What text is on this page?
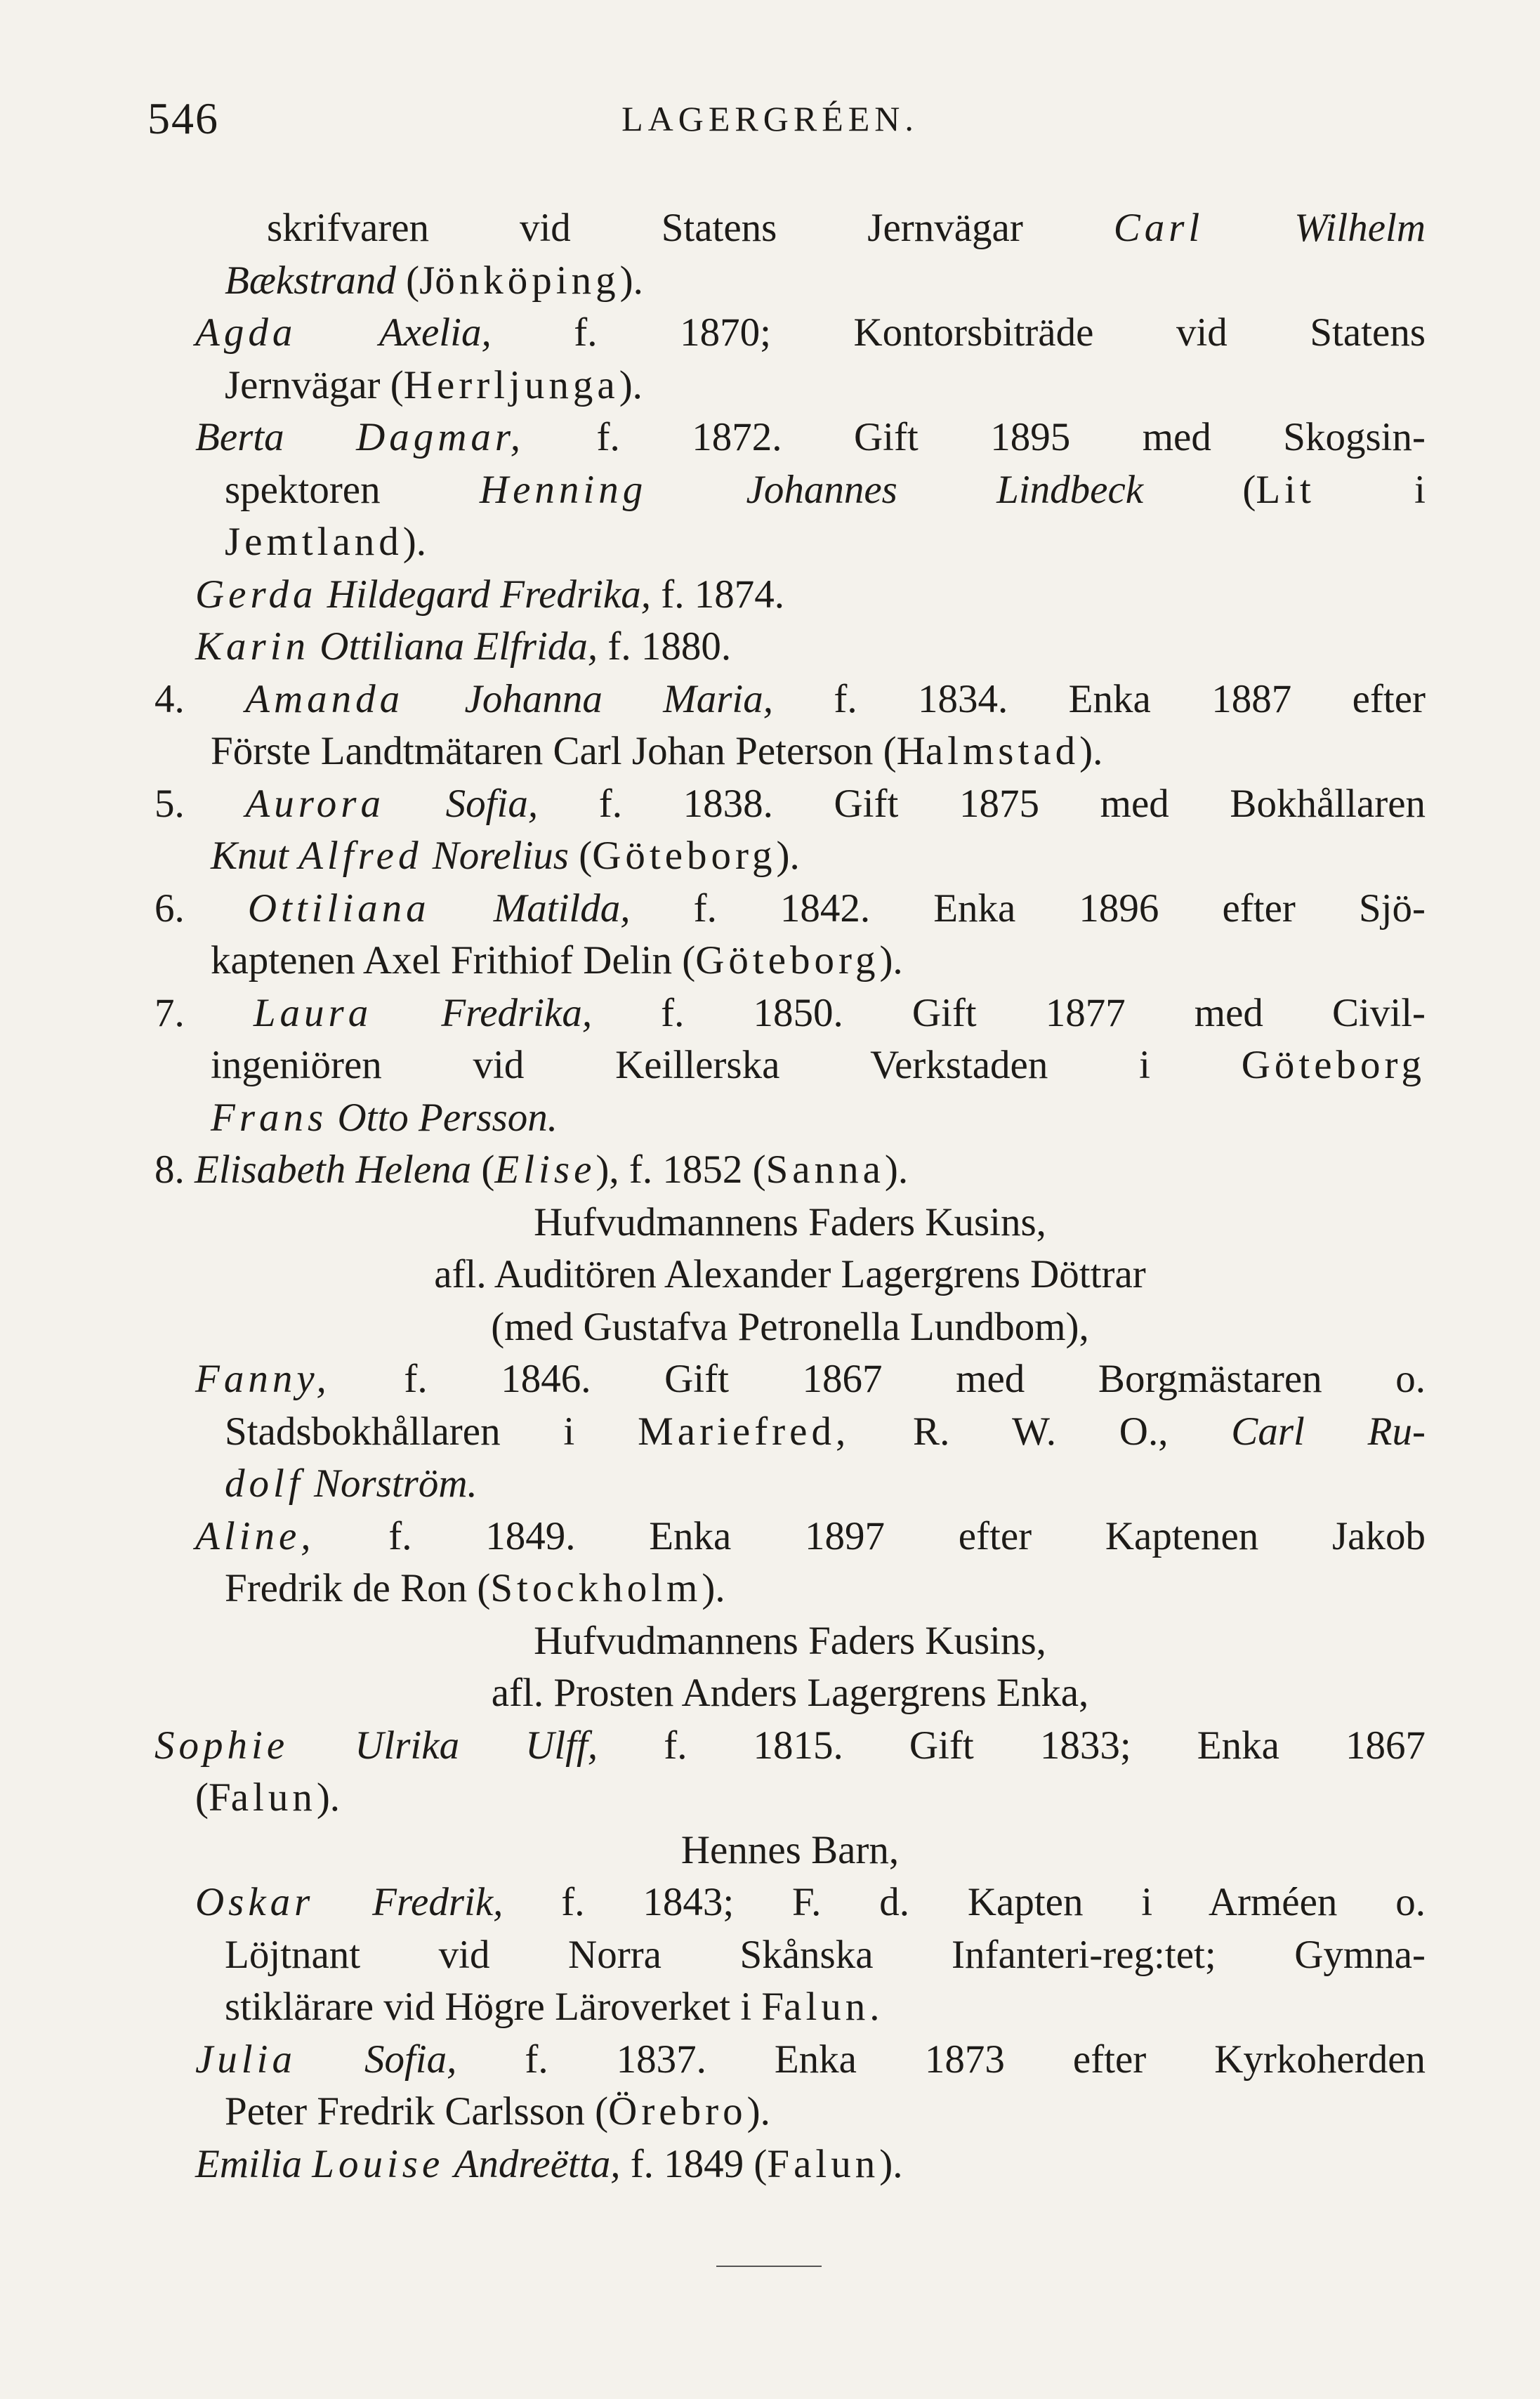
546	LAGERGRÉEN.
skrifvaren vid Statens Jernvägar Carl Wilhelm
Bækstrand (Jönköping).
Agda Axelia, f. 1870; Kontorsbiträde vid Statens
Jernvägar (Herrljunga).
Berta Dagmar, f. 1872. Gift 1895 med Skogsin-
spektoren Henning Johannes Lindbeck (Lit i
Jemtland).
Gerda Hildegard Fredrika, f. 1874.
Karin Ottiliana Elfrida, f. 1880.
4. Amanda Johanna Maria, f. 1834. Enka 1887 efter
Förste Landtmätaren Carl Johan Peterson (Halmstad).
5. Aurora Sofia, f. 1838. Gift 1875 med Bokhållaren
Knut Alfred Norelius (Göteborg).
6. Ottiliana Matilda, f. 1842. Enka 1896 efter Sjö-
kaptenen Axel Frithiof Delin (Göteborg).
7. Laura Fredrika, f. 1850. Gift 1877 med Civil-
ingeniören vid Keillerska Verkstaden i Göteborg
Frans Otto Persson.
8. Elisabeth Helena (Elise), f. 1852 (Sanna).
Hufvudmannens Faders Kusins,
afl. Auditören Alexander Lagergrens Döttrar
(med Gustafva Petronella Lundbom),
Fanny, f. 1846. Gift 1867 med Borgmästaren o.
Stadsbokhållaren i Mariefred, R. W. O., Carl Ru-
dolf Norström.
Aline, f. 1849. Enka 1897 efter Kaptenen Jakob
Fredrik de Ron (Stockholm).
Hufvudmannens Faders Kusins,
afl. Prosten Anders Lagergrens Enka,
Sophie Ulrika Ulff, f. 1815. Gift 1833; Enka 1867
(Falun).
Hennes Barn,
Oskar Fredrik, f. 1843; F. d. Kapten i Arméen o.
Löjtnant vid Norra Skånska Infanteri-reg:tet; Gymna-
stiklärare vid Högre Läroverket i Falun.
Julia Sofia, f. 1837. Enka 1873 efter Kyrkoherden
Peter Fredrik Carlsson (Örebro).
Emilia Louise Andreëtta, f. 1849 (Falun).
